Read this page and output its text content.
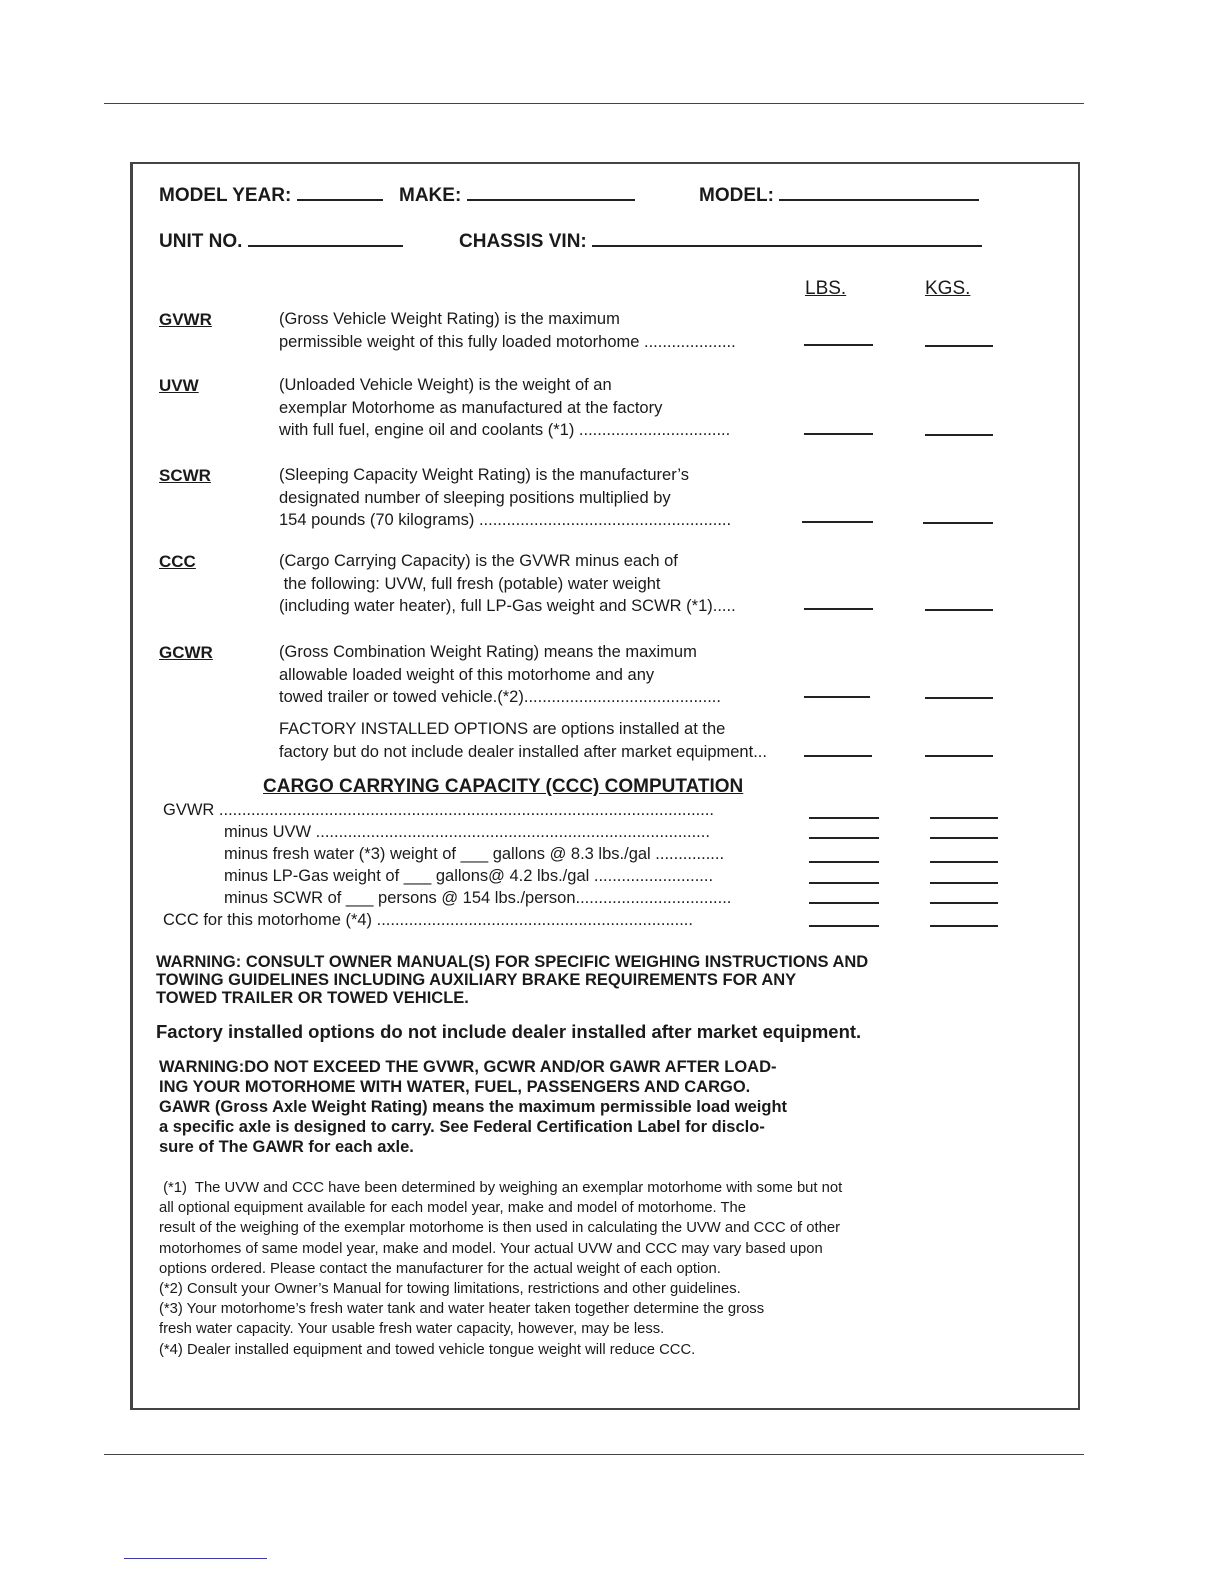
MODEL YEAR:	MAKE:	MODEL:
UNIT NO.	CHASSIS VIN:
LBS.	KGS.
GVWR	(Gross Vehicle Weight Rating) is the maximum
permissible weight of this fully loaded motorhome ....................
UVW	(Unloaded Vehicle Weight) is the weight of an
exemplar Motorhome as manufactured at the factory
with full fuel, engine oil and coolants (*1) .................................
SCWR	(Sleeping Capacity Weight Rating) is the manufacturer’s
designated number of sleeping positions multiplied by
154 pounds (70 kilograms) .......................................................
CCC	(Cargo Carrying Capacity) is the GVWR minus each of
the following: UVW, full fresh (potable) water weight
(including water heater), full LP-Gas weight and SCWR (*1).....
GCWR	(Gross Combination Weight Rating) means the maximum
allowable loaded weight of this motorhome and any
towed trailer or towed vehicle.(*2)...........................................
FACTORY INSTALLED OPTIONS are options installed at the
factory but do not include dealer installed after market equipment...
CARGO CARRYING CAPACITY (CCC) COMPUTATION
GVWR ............................................................................................................
minus UVW ......................................................................................
minus fresh water (*3) weight of ___ gallons @ 8.3 lbs./gal ...............
minus LP-Gas weight of ___ gallons@ 4.2 lbs./gal ..........................
minus SCWR of ___ persons @ 154 lbs./person..................................
CCC for this motorhome (*4) .....................................................................
WARNING: CONSULT OWNER MANUAL(S) FOR SPECIFIC WEIGHING INSTRUCTIONS AND
TOWING GUIDELINES INCLUDING AUXILIARY BRAKE REQUIREMENTS FOR ANY
TOWED TRAILER OR TOWED VEHICLE.
Factory installed options do not include dealer installed after market equipment.
WARNING:DO NOT EXCEED THE GVWR, GCWR AND/OR GAWR AFTER LOAD-
ING YOUR MOTORHOME WITH WATER, FUEL, PASSENGERS AND CARGO.
GAWR (Gross Axle Weight Rating) means the maximum permissible load weight
a specific axle is designed to carry. See Federal Certification Label for disclo-
sure of The GAWR for each axle.
(*1)  The UVW and CCC have been determined by weighing an exemplar motorhome with some but not
all optional equipment available for each model year, make and model of motorhome. The
result of the weighing of the exemplar motorhome is then used in calculating the UVW and CCC of other
motorhomes of same model year, make and model. Your actual UVW and CCC may vary based upon
options ordered. Please contact the manufacturer for the actual weight of each option.
(*2) Consult your Owner’s Manual for towing limitations, restrictions and other guidelines.
(*3) Your motorhome’s fresh water tank and water heater taken together determine the gross
fresh water capacity. Your usable fresh water capacity, however, may be less.
(*4) Dealer installed equipment and towed vehicle tongue weight will reduce CCC.
